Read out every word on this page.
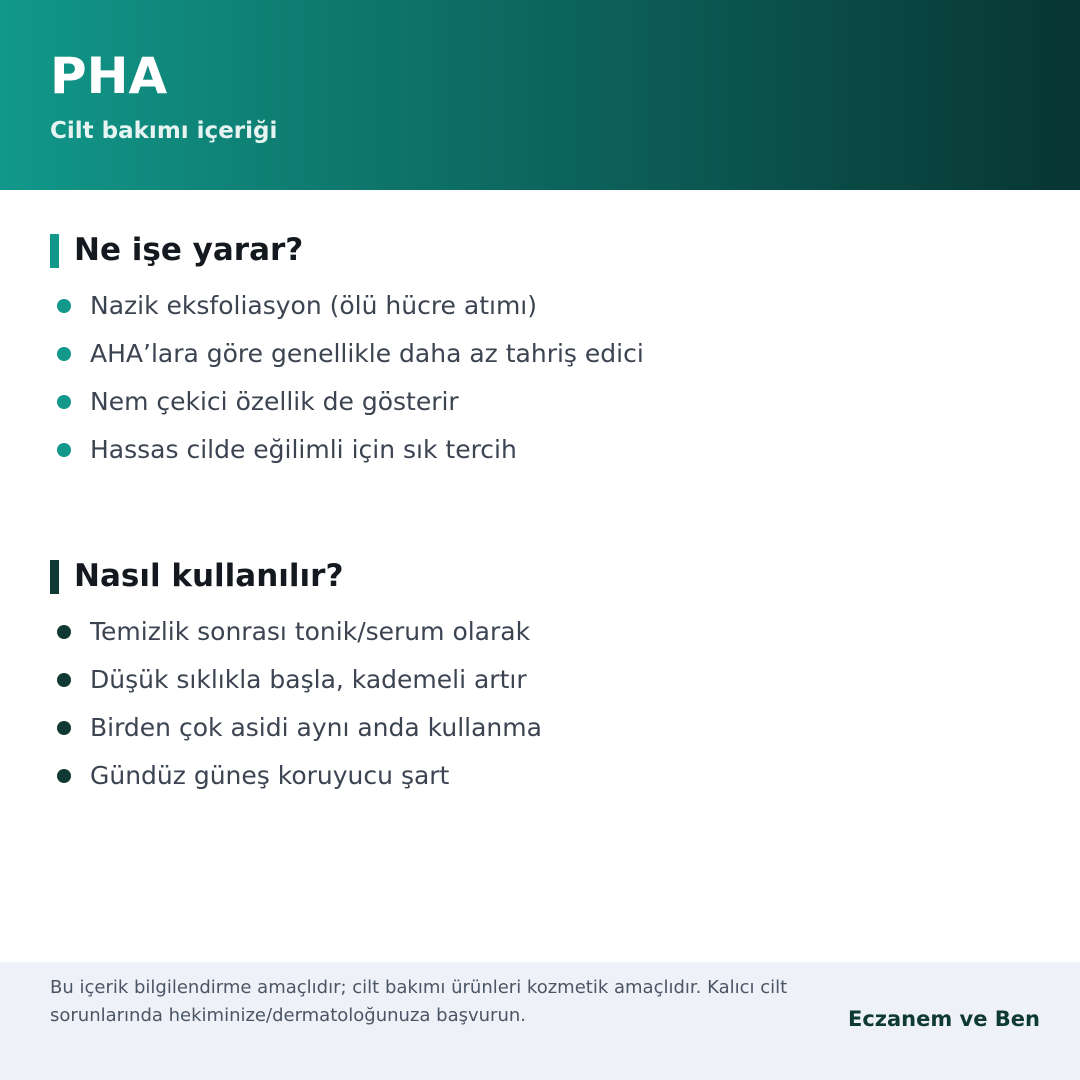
PHA

Cilt bakımı içeriği

Ne işe yarar?
Nazik eksfoliasyon (ölü hücre atımı)
AHA’lara göre genellikle daha az tahriş edici
Nem çekici özellik de gösterir
Hassas cilde eğilimli için sık tercih
Nasıl kullanılır?
Temizlik sonrası tonik/serum olarak
Düşük sıklıkla başla, kademeli artır
Birden çok asidi aynı anda kullanma
Gündüz güneş koruyucu şart

Bu içerik bilgilendirme amaçlıdır; cilt bakımı ürünleri kozmetik amaçlıdır. Kalıcı cilt sorunlarında hekiminize/dermatoloğunuza başvurun.	Eczanem ve Ben
